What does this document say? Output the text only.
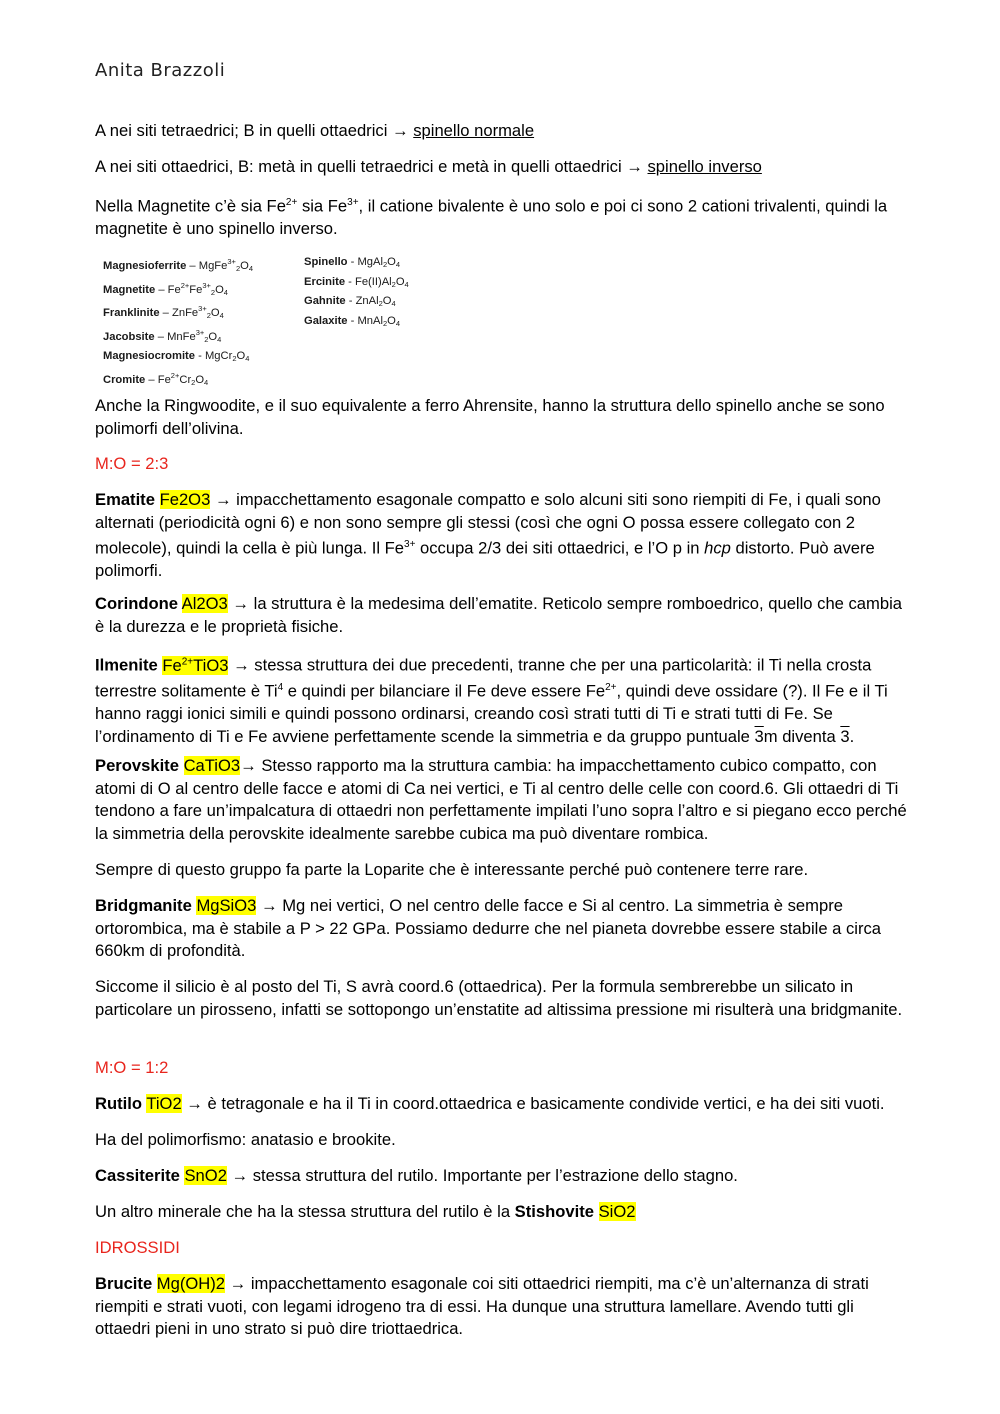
Anita Brazzoli

A nei siti tetraedrici; B in quelli ottaedrici → spinello normale

A nei siti ottaedrici, B: metà in quelli tetraedrici e metà in quelli ottaedrici → spinello inverso

Nella Magnetite c’è sia $Fe^{2+}$ sia $Fe^{3+}$, il catione bivalente è uno solo e poi ci sono 2 cationi trivalenti, quindi la magnetite è uno spinello inverso.

Magnesioferrite – $MgFe^{3+}_2O_4$
Magnetite – $Fe^{2+}Fe^{3+}_2O_4$
Franklinite – $ZnFe^{3+}_2O_4$
Jacobsite – $MnFe^{3+}_2O_4$
Magnesiocromite - $MgCr_2O_4$
Cromite – $Fe^{2+}Cr_2O_4$
Spinello - $MgAl_2O_4$
Ercinite - $Fe(II)Al_2O_4$
Gahnite - $ZnAl_2O_4$
Galaxite - $MnAl_2O_4$

Anche la Ringwoodite, e il suo equivalente a ferro Ahrensite, hanno la struttura dello spinello anche se sono polimorfi dell’olivina.

M:O = 2:3

Ematite Fe2O3 → impacchettamento esagonale compatto e solo alcuni siti sono riempiti di Fe, i quali sono alternati (periodicità ogni 6) e non sono sempre gli stessi (così che ogni O possa essere collegato con 2 molecole), quindi la cella è più lunga. Il $Fe^{3+}$ occupa 2/3 dei siti ottaedrici, e l’O p in hcp distorto. Può avere polimorfi.

Corindone Al2O3 → la struttura è la medesima dell’ematite. Reticolo sempre romboedrico, quello che cambia è la durezza e le proprietà fisiche.

Ilmenite $Fe^{2+}TiO3$ → stessa struttura dei due precedenti, tranne che per una particolarità: il Ti nella crosta terrestre solitamente è Ti$^4$ e quindi per bilanciare il Fe deve essere $Fe^{2+}$, quindi deve ossidare (?). Il Fe e il Ti hanno raggi ionici simili e quindi possono ordinarsi, creando così strati tutti di Ti e strati tutti di Fe. Se l’ordinamento di Ti e Fe avviene perfettamente scende la simmetria e da gruppo puntuale 3m diventa 3.

Perovskite CaTiO3→ Stesso rapporto ma la struttura cambia: ha impacchettamento cubico compatto, con atomi di O al centro delle facce e atomi di Ca nei vertici, e Ti al centro delle celle con coord.6. Gli ottaedri di Ti tendono a fare un’impalcatura di ottaedri non perfettamente impilati l’uno sopra l’altro e si piegano ecco perché la simmetria della perovskite idealmente sarebbe cubica ma può diventare rombica.

Sempre di questo gruppo fa parte la Loparite che è interessante perché può contenere terre rare.

Bridgmanite MgSiO3 → Mg nei vertici, O nel centro delle facce e Si al centro. La simmetria è sempre ortorombica, ma è stabile a P > 22 GPa. Possiamo dedurre che nel pianeta dovrebbe essere stabile a circa 660km di profondità.

Siccome il silicio è al posto del Ti, S avrà coord.6 (ottaedrica). Per la formula sembrerebbe un silicato in particolare un pirosseno, infatti se sottopongo un’enstatite ad altissima pressione mi risulterà una bridgmanite.

M:O = 1:2

Rutilo TiO2 → è tetragonale e ha il Ti in coord.ottaedrica e basicamente condivide vertici, e ha dei siti vuoti.

Ha del polimorfismo: anatasio e brookite.

Cassiterite SnO2 → stessa struttura del rutilo. Importante per l’estrazione dello stagno.

Un altro minerale che ha la stessa struttura del rutilo è la Stishovite SiO2

IDROSSIDI

Brucite Mg(OH)2 → impacchettamento esagonale coi siti ottaedrici riempiti, ma c’è un’alternanza di strati riempiti e strati vuoti, con legami idrogeno tra di essi. Ha dunque una struttura lamellare. Avendo tutti gli ottaedri pieni in uno strato si può dire triottaedrica.
